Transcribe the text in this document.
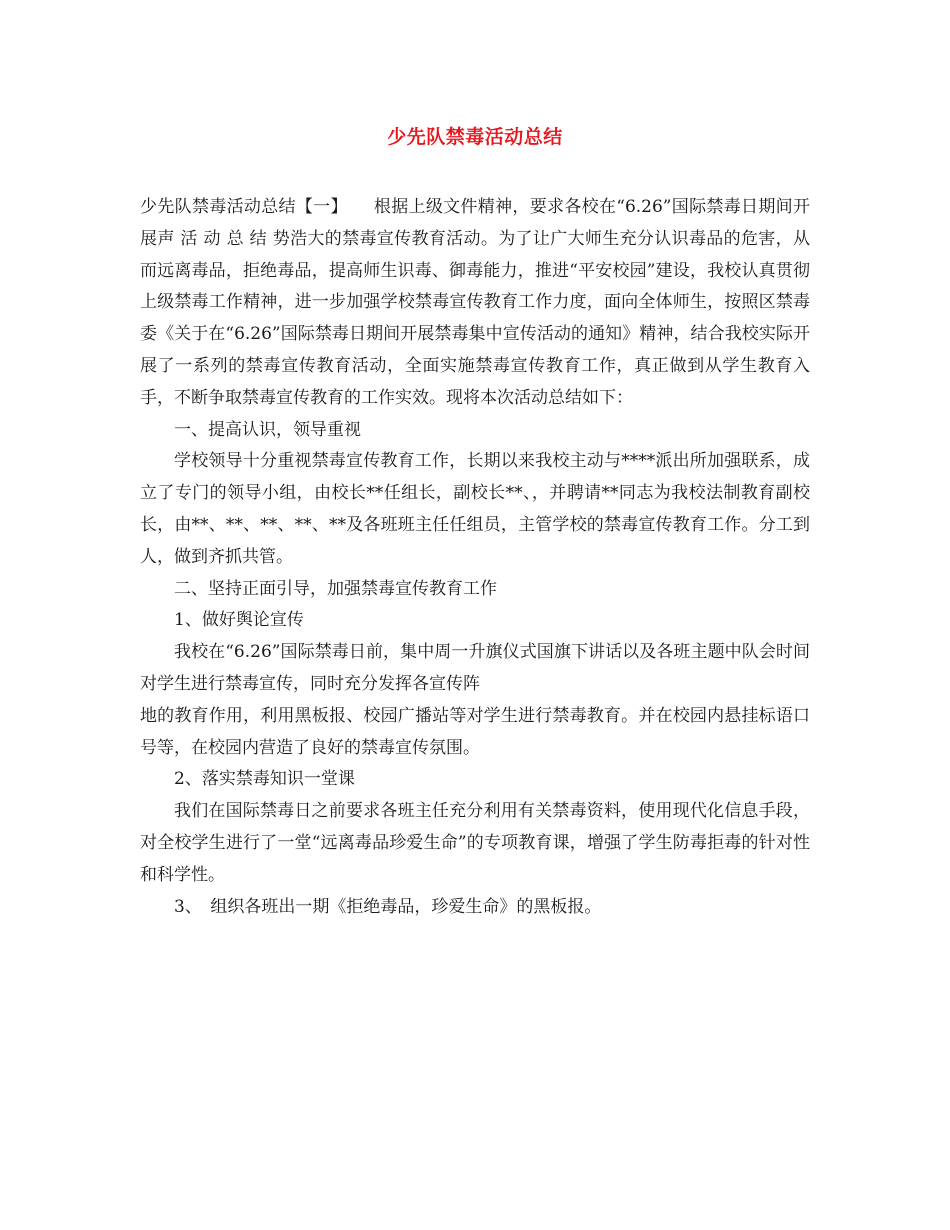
少先队禁毒活动总结

少先队禁毒活动总结【一】　　根据上级文件精神，要求各校在“6.26”国际禁毒日期间开展声 活 动 总 结 势浩大的禁毒宣传教育活动。为了让广大师生充分认识毒品的危害，从而远离毒品，拒绝毒品，提高师生识毒、御毒能力，推进“平安校园”建设，我校认真贯彻上级禁毒工作精神，进一步加强学校禁毒宣传教育工作力度，面向全体师生，按照区禁毒委《关于在“6.26”国际禁毒日期间开展禁毒集中宣传活动的通知》精神，结合我校实际开展了一系列的禁毒宣传教育活动，全面实施禁毒宣传教育工作，真正做到从学生教育入手，不断争取禁毒宣传教育的工作实效。现将本次活动总结如下：

一、提高认识，领导重视

学校领导十分重视禁毒宣传教育工作，长期以来我校主动与****派出所加强联系，成立了专门的领导小组，由校长**任组长，副校长**、，并聘请**同志为我校法制教育副校长，由**、**、**、**、**及各班班主任任组员，主管学校的禁毒宣传教育工作。分工到人，做到齐抓共管。

二、坚持正面引导，加强禁毒宣传教育工作

1、做好舆论宣传

我校在“6.26”国际禁毒日前，集中周一升旗仪式国旗下讲话以及各班主题中队会时间对学生进行禁毒宣传，同时充分发挥各宣传阵

地的教育作用，利用黑板报、校园广播站等对学生进行禁毒教育。并在校园内悬挂标语口号等，在校园内营造了良好的禁毒宣传氛围。

2、落实禁毒知识一堂课

我们在国际禁毒日之前要求各班主任充分利用有关禁毒资料，使用现代化信息手段，对全校学生进行了一堂“远离毒品珍爱生命”的专项教育课，增强了学生防毒拒毒的针对性和科学性。

3、　组织各班出一期《拒绝毒品，珍爱生命》的黑板报。
